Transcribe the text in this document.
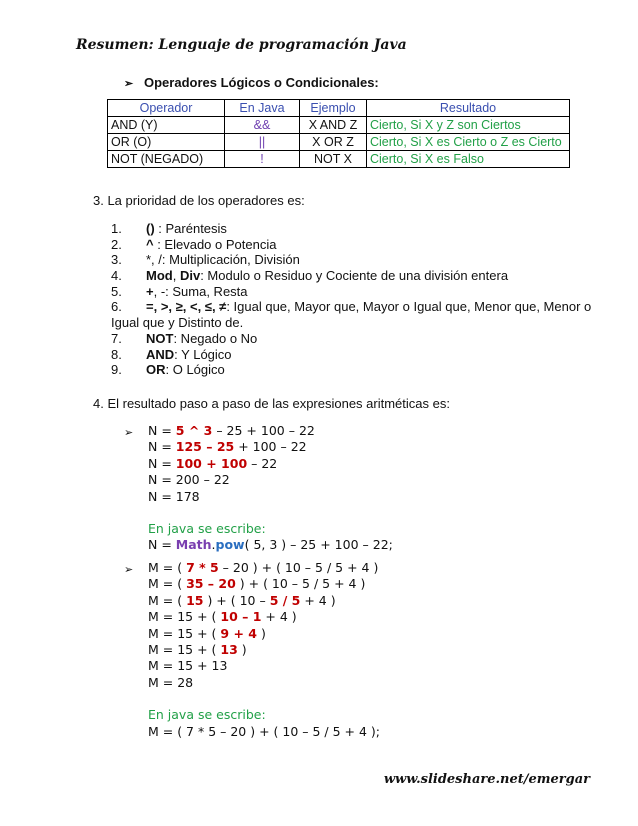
Resumen: Lenguaje de programación Java
➢ Operadores Lógicos o Condicionales:
Operador	En Java	Ejemplo	Resultado
AND (Y)	&&	X AND Z	Cierto, Si X y Z son Ciertos
OR (O)	||	X OR Z	Cierto, Si X es Cierto o Z es Cierto
NOT (NEGADO)	!	NOT X	Cierto, Si X es Falso
3. La prioridad de los operadores es:
1. () : Paréntesis
2. ^ : Elevado o Potencia
3. *, /: Multiplicación, División
4. Mod, Div: Modulo o Residuo y Cociente de una división entera
5. +, -: Suma, Resta
6. =, >, ≥, <, ≤, ≠: Igual que, Mayor que, Mayor o Igual que, Menor que, Menor o
Igual que y Distinto de.
7. NOT: Negado o No
8. AND: Y Lógico
9. OR: O Lógico
4. El resultado paso a paso de las expresiones aritméticas es:
➢ N = 5 ^ 3 – 25 + 100 – 22
N = 125 – 25 + 100 – 22
N = 100 + 100 – 22
N = 200 – 22
N = 178
En java se escribe:
N = Math.pow( 5, 3 ) – 25 + 100 – 22;
➢ M = ( 7 * 5 – 20 ) + ( 10 – 5 / 5 + 4 )
M = ( 35 – 20 ) + ( 10 – 5 / 5 + 4 )
M = ( 15 ) + ( 10 – 5 / 5 + 4 )
M = 15 + ( 10 – 1 + 4 )
M = 15 + ( 9 + 4 )
M = 15 + ( 13 )
M = 15 + 13
M = 28
En java se escribe:
M = ( 7 * 5 – 20 ) + ( 10 – 5 / 5 + 4 );
www.slideshare.net/emergar
